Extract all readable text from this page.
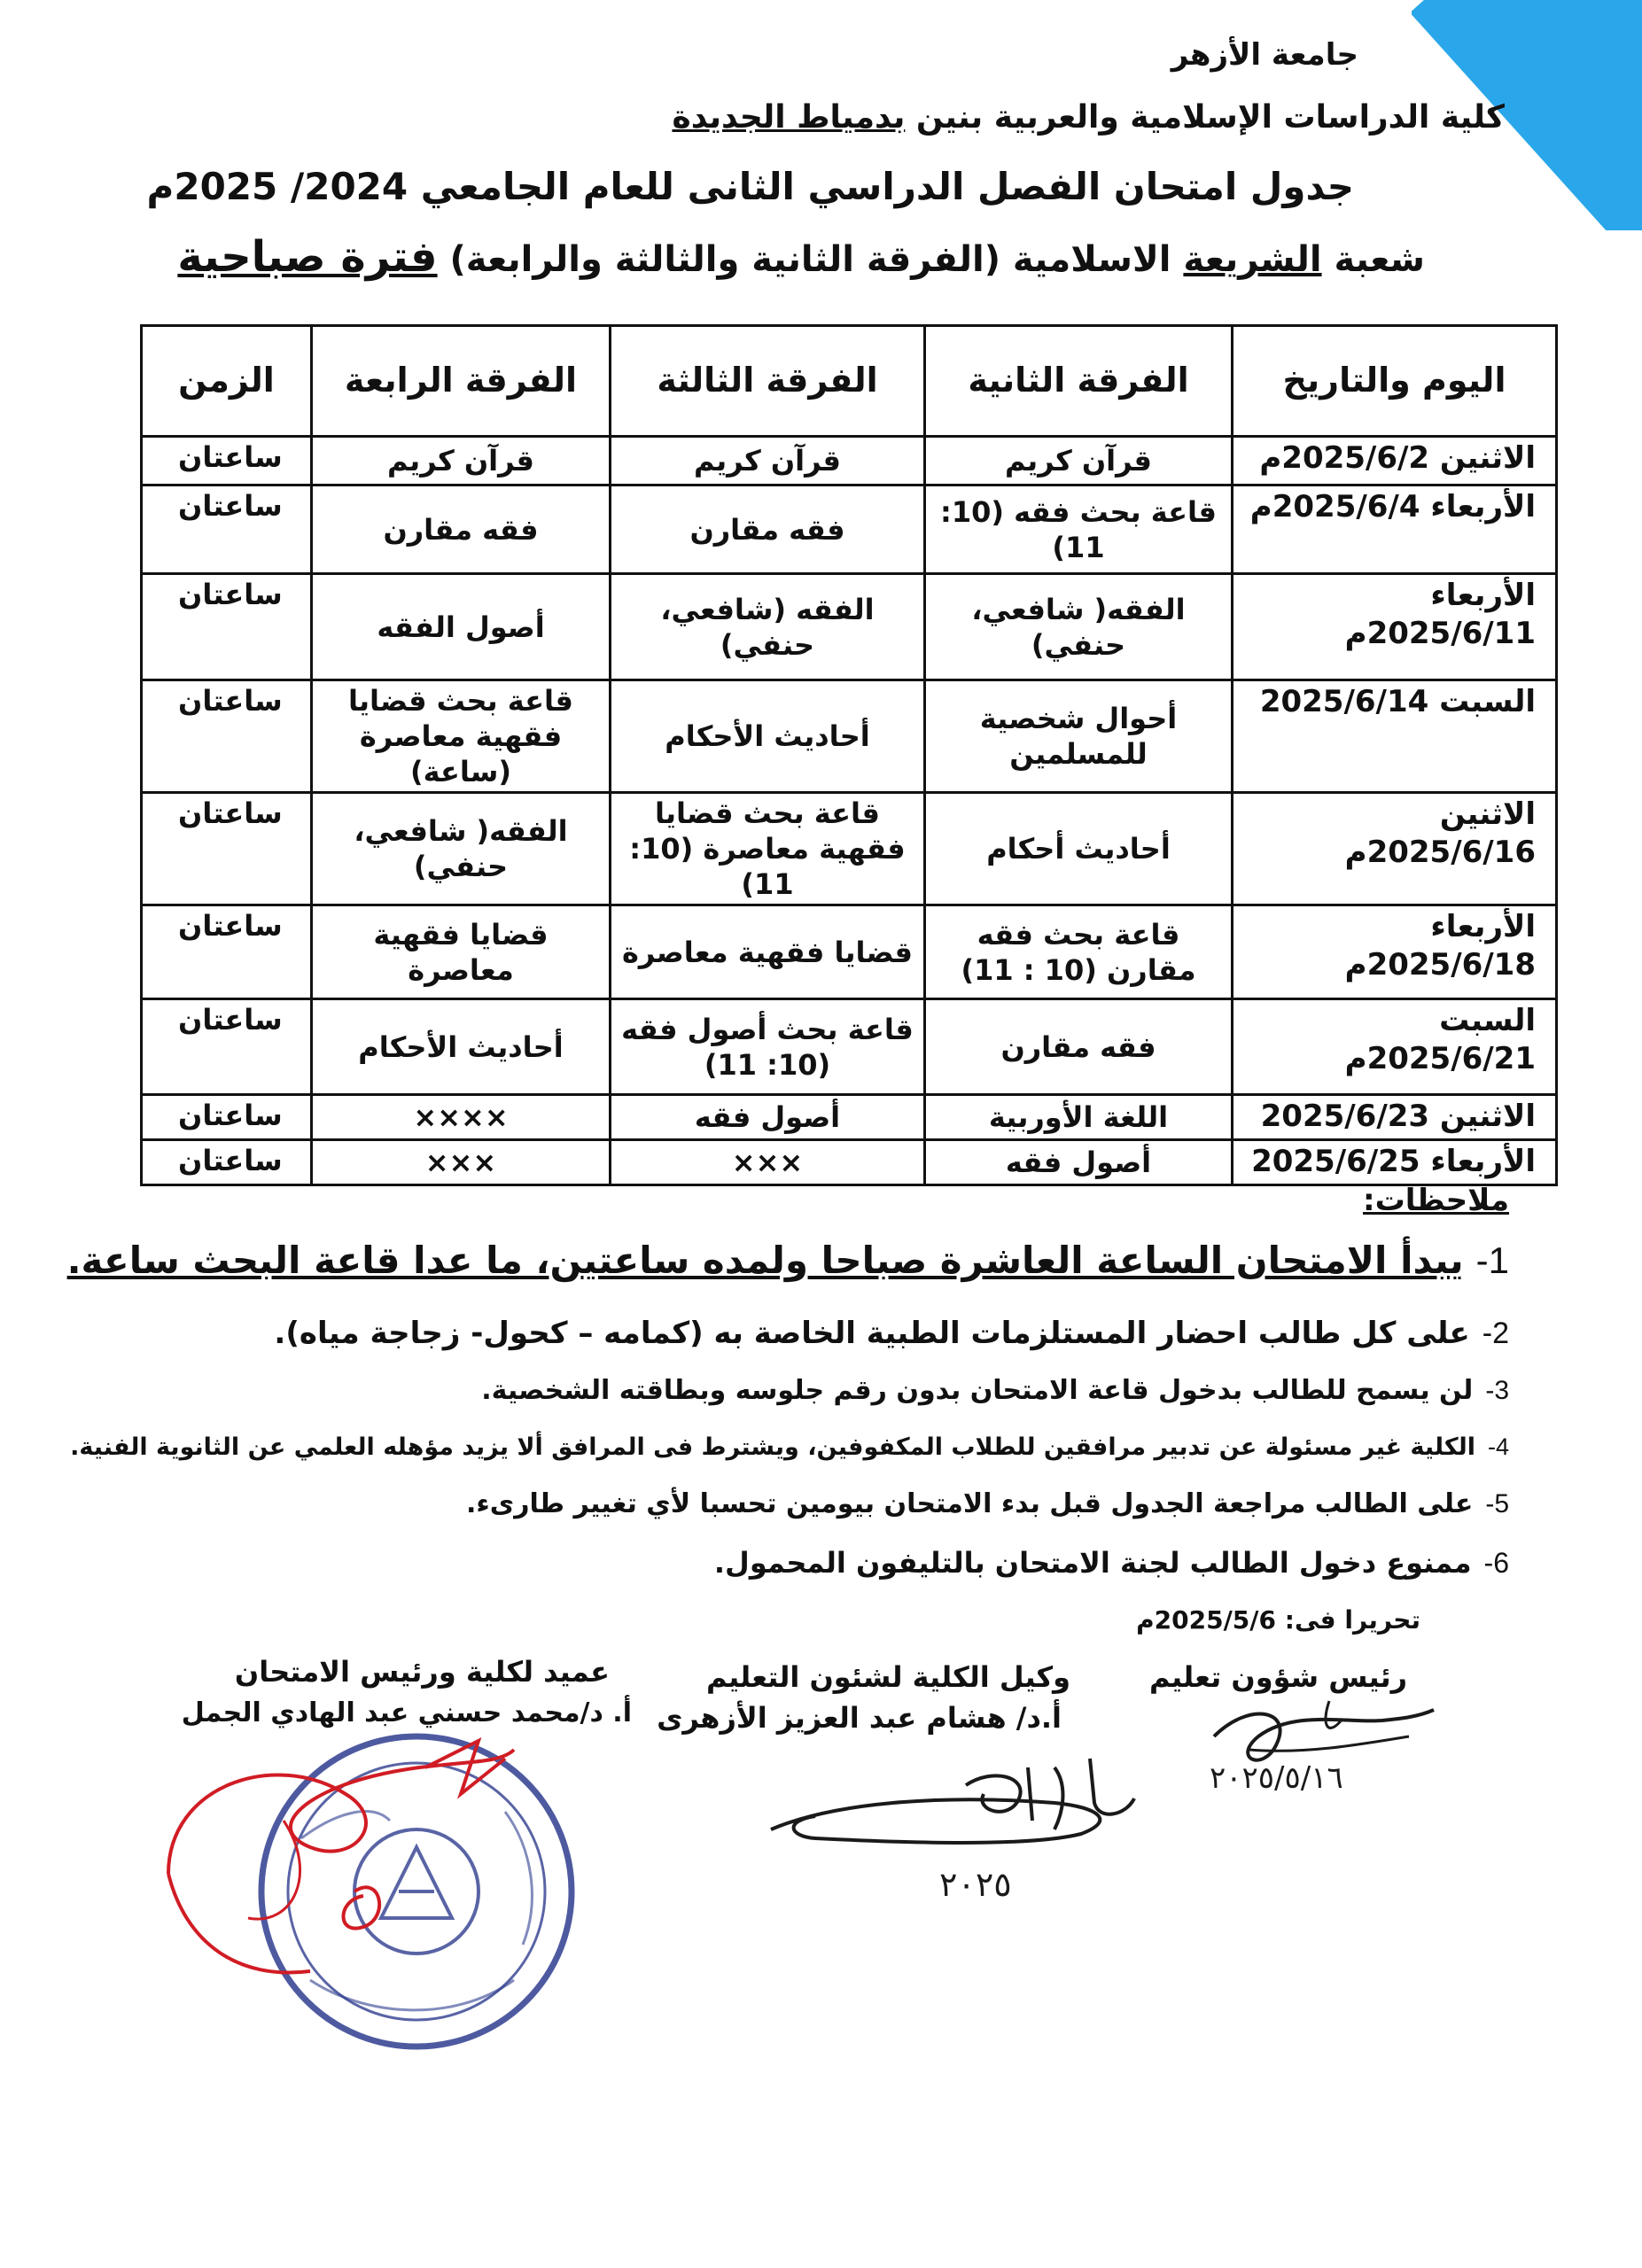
جامعة الأزهر
كلية الدراسات الإسلامية والعربية بنين بدمياط الجديدة
جدول امتحان الفصل الدراسي الثانى للعام الجامعي 2024/ 2025م
شعبة الشريعة الاسلامية (الفرقة الثانية والثالثة والرابعة) فترة صباحية
اليوم والتاريخ	الفرقة الثانية	الفرقة الثالثة	الفرقة الرابعة	الزمن
الاثنين 2025/6/2م	قرآن كريم	قرآن كريم	قرآن كريم	ساعتان
الأربعاء 2025/6/4م	قاعة بحث فقه (10: 11)	فقه مقارن	فقه مقارن	ساعتان
الأربعاء 2025/6/11م	الفقه( شافعي، حنفي)	الفقه (شافعي، حنفي)	أصول الفقه	ساعتان
السبت 2025/6/14	أحوال شخصية للمسلمين	أحاديث الأحكام	قاعة بحث قضايا فقهية معاصرة (ساعة)	ساعتان
الاثنين 2025/6/16م	أحاديث أحكام	قاعة بحث قضايا فقهية معاصرة (10: 11)	الفقه( شافعي، حنفي)	ساعتان
الأربعاء 2025/6/18م	قاعة بحث فقه مقارن (10 : 11)	قضايا فقهية معاصرة	قضايا فقهية معاصرة	ساعتان
السبت 2025/6/21م	فقه مقارن	قاعة بحث أصول فقه (10: 11)	أحاديث الأحكام	ساعتان
الاثنين 2025/6/23	اللغة الأوربية	أصول فقه	××××	ساعتان
الأربعاء 2025/6/25	أصول فقه	×××	×××	ساعتان
ملاحظات:
1-يبدأ الامتحان الساعة العاشرة صباحا ولمده ساعتين، ما عدا قاعة البحث ساعة.
2-على كل طالب احضار المستلزمات الطبية الخاصة به (كمامه – كحول- زجاجة مياه).
3-لن يسمح للطالب بدخول قاعة الامتحان بدون رقم جلوسه وبطاقته الشخصية.
4-الكلية غير مسئولة عن تدبير مرافقين للطلاب المكفوفين، ويشترط فى المرافق ألا يزيد مؤهله العلمي عن الثانوية الفنية.
5-على الطالب مراجعة الجدول قبل بدء الامتحان بيومين تحسبا لأي تغيير طارىء.
6-ممنوع دخول الطالب لجنة الامتحان بالتليفون المحمول.
تحريرا فى: 2025/5/6م
رئيس شؤون تعليم
وكيل الكلية لشئون التعليم
أ.د/ هشام عبد العزيز الأزهرى
عميد لكلية ورئيس الامتحان
أ. د/محمد حسني عبد الهادي الجمل
٢٠٢٥/٥/١٦
٢٠٢٥
